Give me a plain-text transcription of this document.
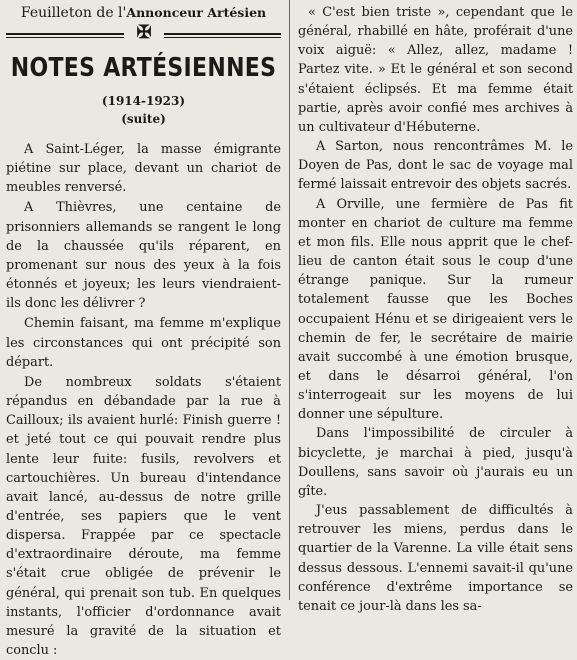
Feuilleton de l'Annonceur Artésien
✠
NOTES ARTÉSIENNES
(1914-1923)
(suite)

A Saint-Léger, la masse émigrante piétine sur place, devant un chariot de meubles renversé.

A Thièvres, une centaine de prisonniers allemands se rangent le long de la chaussée qu'ils réparent, en promenant sur nous des yeux à la fois étonnés et joyeux; les leurs viendraient-ils donc les délivrer ?

Chemin faisant, ma femme m'explique les circonstances qui ont précipité son départ.

De nombreux soldats s'étaient répandus en débandade par la rue à Cailloux; ils avaient hurlé: Finish guerre ! et jeté tout ce qui pouvait rendre plus lente leur fuite: fusils, revolvers et cartouchières. Un bureau d'intendance avait lancé, au-dessus de notre grille d'entrée, ses papiers que le vent dispersa. Frappée par ce spectacle d'extraordinaire déroute, ma femme s'était crue obligée de prévenir le général, qui prenait son tub. En quelques instants, l'officier d'ordonnance avait mesuré la gravité de la situation et conclu :

« C'est bien triste », cependant que le général, rhabillé en hâte, proférait d'une voix aiguë: « Allez, allez, madame ! Partez vite. » Et le général et son second s'étaient éclipsés. Et ma femme était partie, après avoir confié mes archives à un cultivateur d'Hébuterne.

A Sarton, nous rencontrâmes M. le Doyen de Pas, dont le sac de voyage mal fermé laissait entrevoir des objets sacrés.

A Orville, une fermière de Pas fit monter en chariot de culture ma femme et mon fils. Elle nous apprit que le chef-lieu de canton était sous le coup d'une étrange panique. Sur la rumeur totalement fausse que les Boches occupaient Hénu et se dirigeaient vers le chemin de fer, le secrétaire de mairie avait succombé à une émotion brusque, et dans le désarroi général, l'on s'interrogeait sur les moyens de lui donner une sépulture.

Dans l'impossibilité de circuler à bicyclette, je marchai à pied, jusqu'à Doullens, sans savoir où j'aurais eu un gîte.

J'eus passablement de difficultés à retrouver les miens, perdus dans le quartier de la Varenne. La ville était sens dessus dessous. L'ennemi savait-il qu'une conférence d'extrême importance se tenait ce jour-là dans les sa-
